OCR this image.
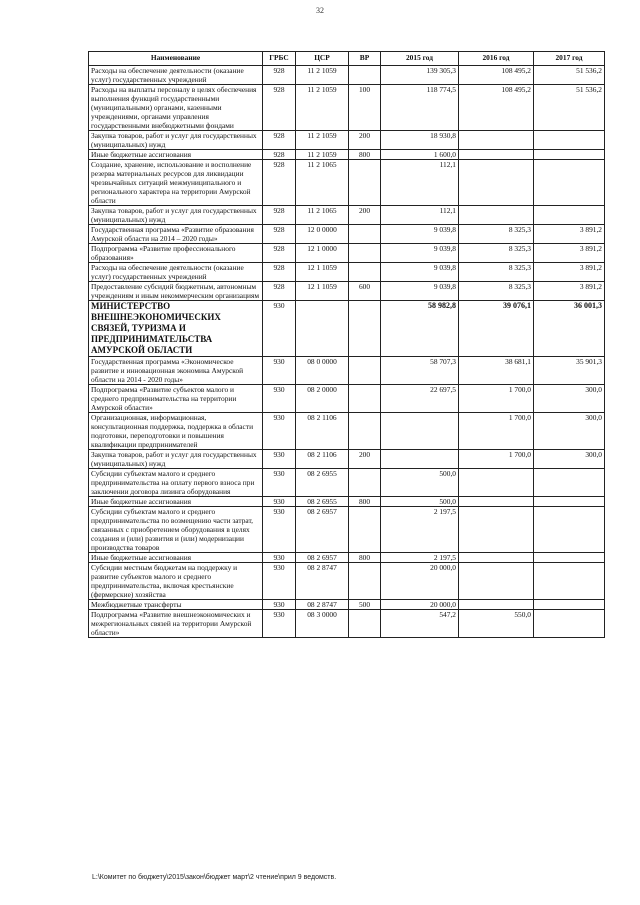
32
Наименование	ГРБС	ЦСР	ВР	2015 год	2016 год	2017 год
Расходы на обеспечение деятельности (оказание услуг) государственных учреждений	928	11 2 1059		139 305,3	108 495,2	51 536,2
Расходы на выплаты персоналу в целях обеспечения выполнения функций государственными (муниципальными) органами, казенными учреждениями, органами управления государственными внебюджетными фондами	928	11 2 1059	100	118 774,5	108 495,2	51 536,2
Закупка товаров, работ и услуг для государственных (муниципальных) нужд	928	11 2 1059	200	18 930,8		
Иные бюджетные ассигнования	928	11 2 1059	800	1 600,0		
Создание, хранение, использование и восполнение резерва материальных ресурсов для ликвидации чрезвычайных ситуаций межмуниципального и регионального характера на территории Амурской области	928	11 2 1065		112,1		
Закупка товаров, работ и услуг для государственных (муниципальных) нужд	928	11 2 1065	200	112,1		
Государственная программа «Развитие образования Амурской области на 2014 – 2020 годы»	928	12 0 0000		9 039,8	8 325,3	3 891,2
Подпрограмма «Развитие профессионального образования»	928	12 1 0000		9 039,8	8 325,3	3 891,2
Расходы на обеспечение деятельности (оказание услуг) государственных учреждений	928	12 1 1059		9 039,8	8 325,3	3 891,2
Предоставление субсидий бюджетным, автономным учреждениям и иным некоммерческим организациям	928	12 1 1059	600	9 039,8	8 325,3	3 891,2
МИНИСТЕРСТВО ВНЕШНЕЭКОНОМИЧЕСКИХ СВЯЗЕЙ, ТУРИЗМА И ПРЕДПРИНИМАТЕЛЬСТВА АМУРСКОЙ ОБЛАСТИ	930			58 982,8	39 076,1	36 001,3
Государственная программа «Экономическое развитие и инновационная экономика Амурской области на 2014 - 2020 годы»	930	08 0 0000		58 707,3	38 681,1	35 901,3
Подпрограмма «Развитие субъектов малого и среднего предпринимательства на территории Амурской области»	930	08 2 0000		22 697,5	1 700,0	300,0
Организационная, информационная, консультационная поддержка, поддержка в области подготовки, переподготовки и повышения квалификации предпринимателей	930	08 2 1106			1 700,0	300,0
Закупка товаров, работ и услуг для государственных (муниципальных) нужд	930	08 2 1106	200		1 700,0	300,0
Субсидии субъектам малого и среднего предпринимательства на оплату первого взноса при заключении договора лизинга оборудования	930	08 2 6955		500,0		
Иные бюджетные ассигнования	930	08 2 6955	800	500,0		
Субсидии субъектам малого и среднего предпринимательства по возмещению части затрат, связанных с приобретением оборудования в целях создания и (или) развития и (или) модернизации производства товаров	930	08 2 6957		2 197,5		
Иные бюджетные ассигнования	930	08 2 6957	800	2 197,5		
Субсидии местным бюджетам на поддержку и развитие субъектов малого и среднего предпринимательства, включая крестьянские (фермерские) хозяйства	930	08 2 8747		20 000,0		
Межбюджетные трансферты	930	08 2 8747	500	20 000,0		
Подпрограмма «Развитие внешнеэкономических и межрегиональных связей на территории Амурской области»	930	08 3 0000		547,2	550,0	
L:\Комитет по бюджету\2015\закон\бюджет март\2 чтение\прил 9 ведомств.
